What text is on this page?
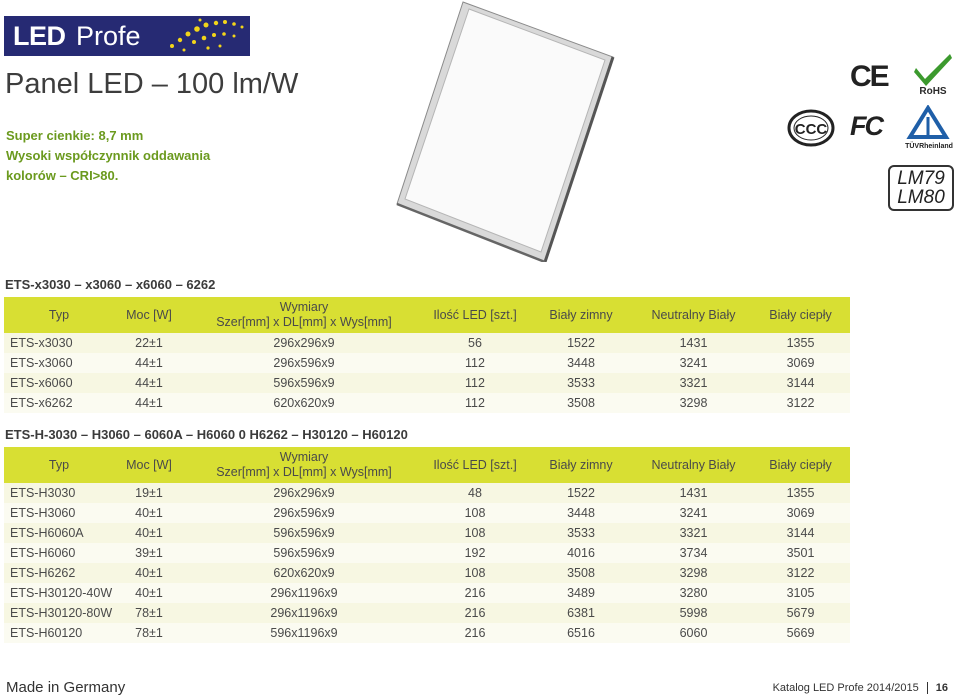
LED Profe
Panel LED – 100 lm/W
Super cienkie: 8,7 mm
Wysoki współczynnik oddawania
kolorów – CRI>80.
CE	RoHS
CCC FC
TÜVRheinland
LM79
LM80
ETS-x3030 – x3060 – x6060 – 6262
Typ	Moc [W]	Wymiary
Szer[mm] x DL[mm] x Wys[mm]	Ilość LED [szt.]	Biały zimny	Neutralny Biały	Biały ciepły
ETS-x3030	22±1	296x296x9	56	1522	1431	1355
ETS-x3060	44±1	296x596x9	112	3448	3241	3069
ETS-x6060	44±1	596x596x9	112	3533	3321	3144
ETS-x6262	44±1	620x620x9	112	3508	3298	3122
ETS-H-3030 – H3060 – 6060A – H6060 0 H6262 – H30120 – H60120
Typ	Moc [W]	Wymiary
Szer[mm] x DL[mm] x Wys[mm]	Ilość LED [szt.]	Biały zimny	Neutralny Biały	Biały ciepły
ETS-H3030	19±1	296x296x9	48	1522	1431	1355
ETS-H3060	40±1	296x596x9	108	3448	3241	3069
ETS-H6060A	40±1	596x596x9	108	3533	3321	3144
ETS-H6060	39±1	596x596x9	192	4016	3734	3501
ETS-H6262	40±1	620x620x9	108	3508	3298	3122
ETS-H30120-40W	40±1	296x1196x9	216	3489	3280	3105
ETS-H30120-80W	78±1	296x1196x9	216	6381	5998	5679
ETS-H60120	78±1	596x1196x9	216	6516	6060	5669
Made in Germany	Katalog LED Profe 2014/2015 16
